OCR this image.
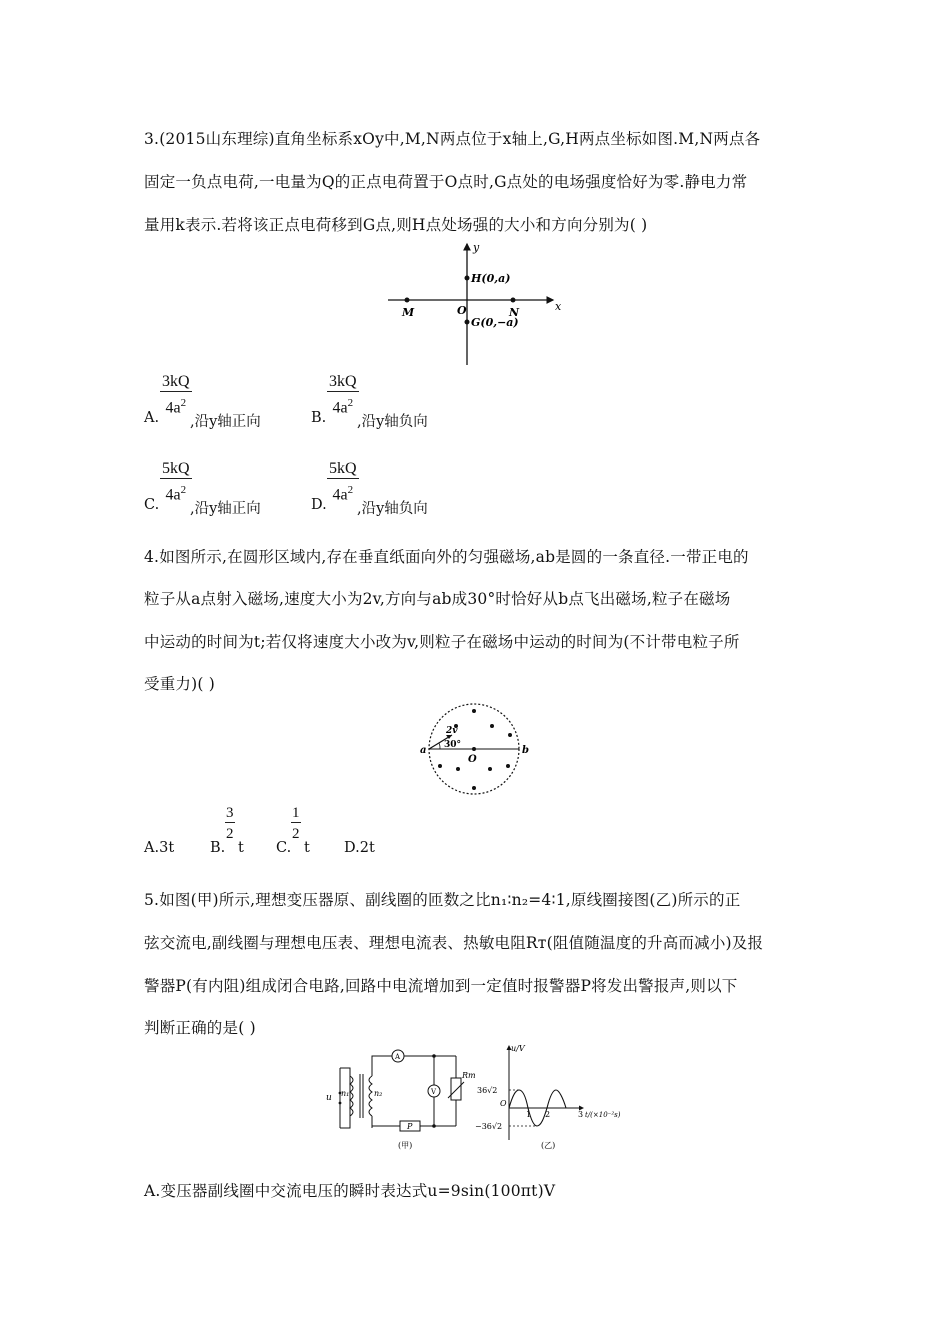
3.(2015山东理综)直角坐标系xOy中,M,N两点位于x轴上,G,H两点坐标如图.M,N两点各
固定一负点电荷,一电量为Q的正点电荷置于O点时,G点处的电场强度恰好为零.静电力常
量用k表示.若将该正点电荷移到G点,则H点处场强的大小和方向分别为( )
y
x
O
M	N
H(0,a)
G(0,−a)
A. $\frac{3kQ}{4a^2}$
,沿y轴正向	B. $\frac{3kQ}{4a^2}$
,沿y轴负向
C. $\frac{5kQ}{4a^2}$
,沿y轴正向	D. $\frac{5kQ}{4a^2}$
,沿y轴负向
4.如图所示,在圆形区域内,存在垂直纸面向外的匀强磁场,ab是圆的一条直径.一带正电的
粒子从a点射入磁场,速度大小为2v,方向与ab成30°时恰好从b点飞出磁场,粒子在磁场
中运动的时间为t;若仅将速度大小改为v,则粒子在磁场中运动的时间为(不计带电粒子所
受重力)( )
a	b
O
2v
30°
A.3t B.
3
2
t C.
1
2
t D.2t
5.如图(甲)所示,理想变压器原、副线圈的匝数之比n₁∶n₂=4∶1,原线圈接图(乙)所示的正
弦交流电,副线圈与理想电压表、理想电流表、热敏电阻Rт(阻值随温度的升高而减小)及报
警器P(有内阻)组成闭合电路,回路中电流增加到一定值时报警器P将发出警报声,则以下
判断正确的是( )
u n₁	n₂
A
V
Rт
P
(甲)
u/V
36√2
−36√2
O
1 2	3 t/(×10⁻²s)
(乙)
A.变压器副线圈中交流电压的瞬时表达式u=9sin(100πt)V
